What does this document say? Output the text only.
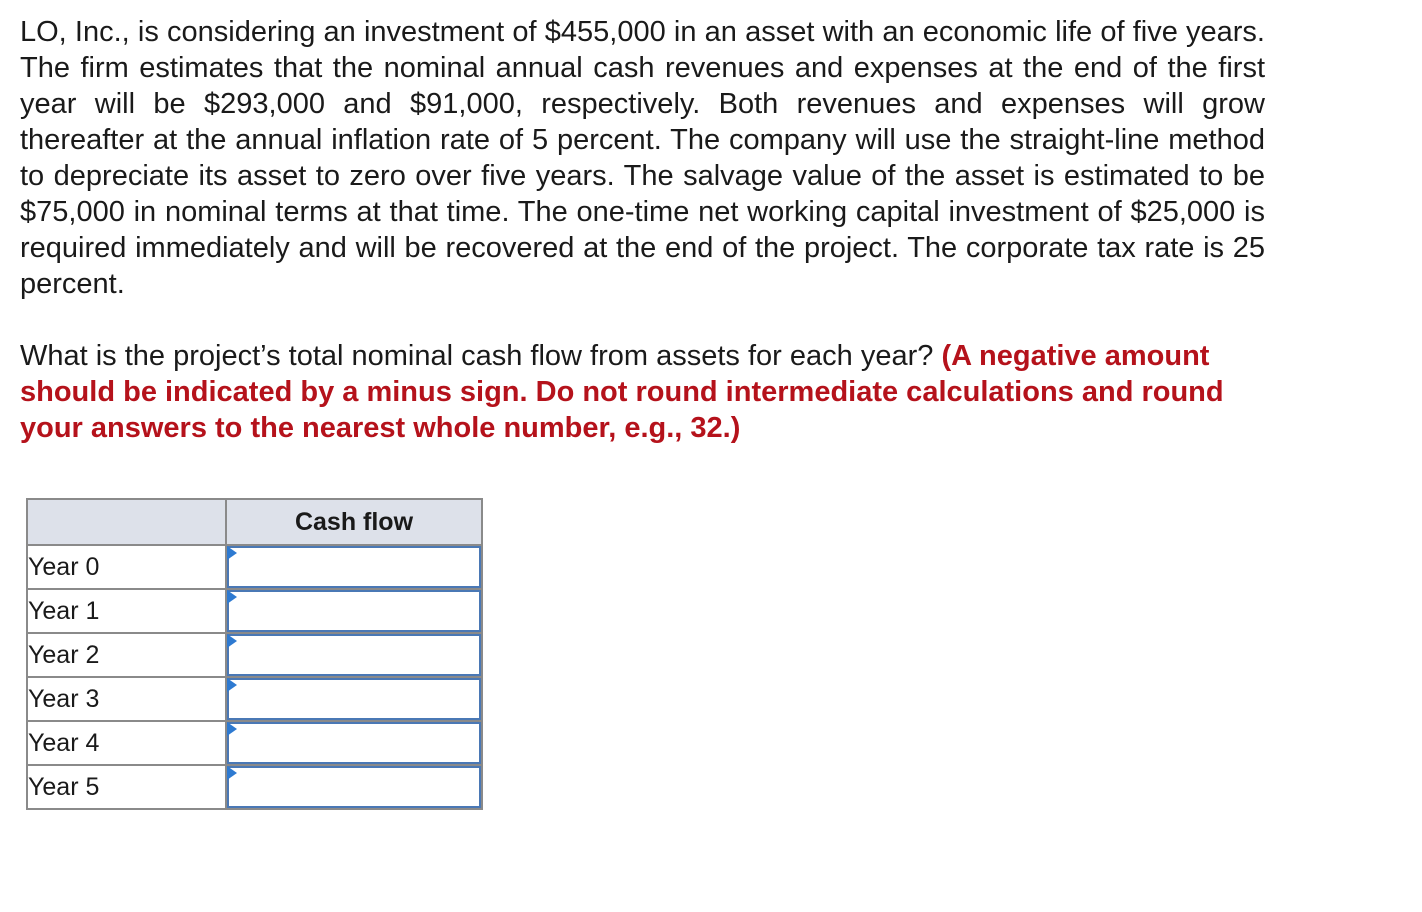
LO, Inc., is considering an investment of $455,000 in an asset with an economic life of five years. The firm estimates that the nominal annual cash revenues and expenses at the end of the first year will be $293,000 and $91,000, respectively. Both revenues and expenses will grow thereafter at the annual inflation rate of 5 percent. The company will use the straight-line method to depreciate its asset to zero over five years. The salvage value of the asset is estimated to be $75,000 in nominal terms at that time. The one-time net working capital investment of $25,000 is required immediately and will be recovered at the end of the project. The corporate tax rate is 25 percent.

What is the project’s total nominal cash flow from assets for each year? (A negative amount should be indicated by a minus sign. Do not round intermediate calculations and round your answers to the nearest whole number, e.g., 32.)

	Cash flow
Year 0	

Year 1	

Year 2	

Year 3	

Year 4	

Year 5	
